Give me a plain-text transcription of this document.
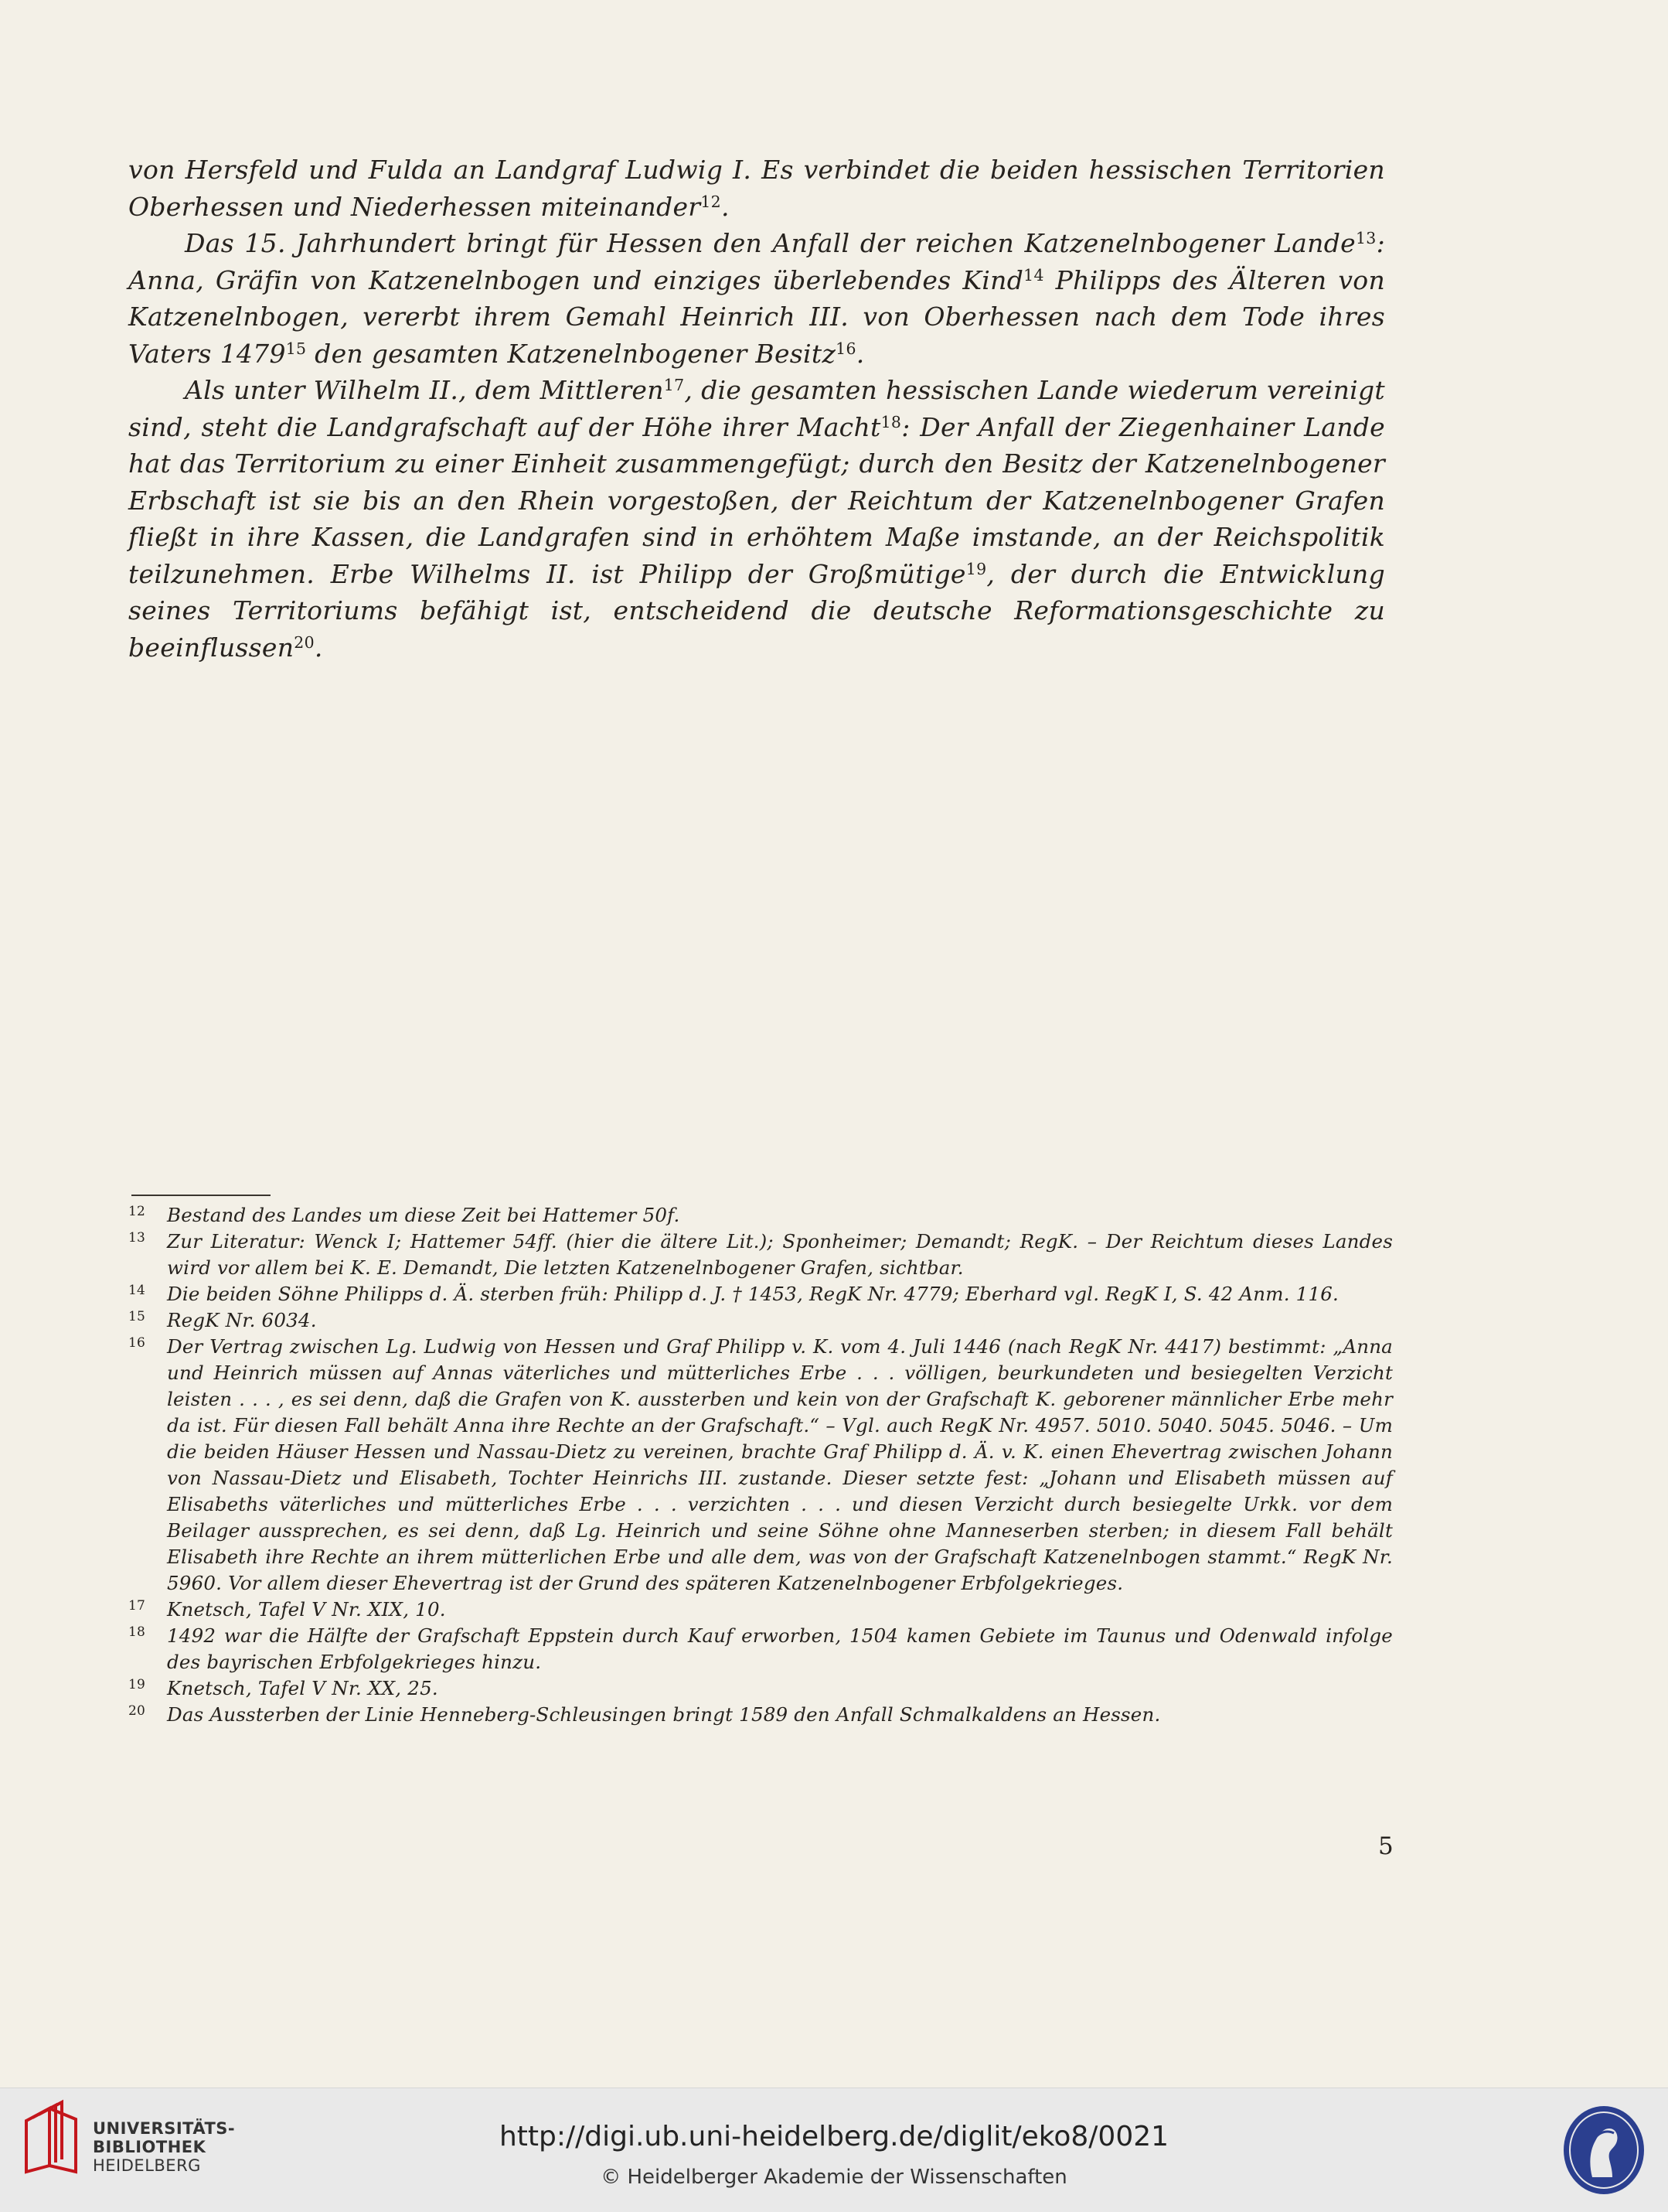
von Hersfeld und Fulda an Landgraf Ludwig I. Es verbindet die beiden hessischen Territorien Oberhessen und Niederhessen miteinander$^{12}$.

Das 15. Jahrhundert bringt für Hessen den Anfall der reichen Katzenelnbogener Lande$^{13}$: Anna, Gräfin von Katzenelnbogen und einziges überlebendes Kind$^{14}$ Philipps des Älteren von Katzenelnbogen, vererbt ihrem Gemahl Heinrich III. von Oberhessen nach dem Tode ihres Vaters 1479$^{15}$ den gesamten Katzenelnbogener Besitz$^{16}$.

Als unter Wilhelm II., dem Mittleren$^{17}$, die gesamten hessischen Lande wiederum vereinigt sind, steht die Landgrafschaft auf der Höhe ihrer Macht$^{18}$: Der Anfall der Ziegenhainer Lande hat das Territorium zu einer Einheit zusammengefügt; durch den Besitz der Katzenelnbogener Erbschaft ist sie bis an den Rhein vorgestoßen, der Reichtum der Katzenelnbogener Grafen fließt in ihre Kassen, die Landgrafen sind in erhöhtem Maße imstande, an der Reichspolitik teilzunehmen. Erbe Wilhelms II. ist Philipp der Großmütige$^{19}$, der durch die Entwicklung seines Territoriums befähigt ist, entscheidend die deutsche Reformationsgeschichte zu beeinflussen$^{20}$.

12 Bestand des Landes um diese Zeit bei Hattemer 50f.
13 Zur Literatur: Wenck I; Hattemer 54ff. (hier die ältere Lit.); Sponheimer; Demandt; RegK. – Der Reichtum dieses Landes wird vor allem bei K. E. Demandt, Die letzten Katzenelnbogener Grafen, sichtbar.
14 Die beiden Söhne Philipps d. Ä. sterben früh: Philipp d. J. † 1453, RegK Nr. 4779; Eberhard vgl. RegK I, S. 42 Anm. 116.
15 RegK Nr. 6034.
16 Der Vertrag zwischen Lg. Ludwig von Hessen und Graf Philipp v. K. vom 4. Juli 1446 (nach RegK Nr. 4417) bestimmt: „Anna und Heinrich müssen auf Annas väterliches und mütterliches Erbe . . . völligen, beurkundeten und besiegelten Verzicht leisten . . . , es sei denn, daß die Grafen von K. aussterben und kein von der Grafschaft K. geborener männlicher Erbe mehr da ist. Für diesen Fall behält Anna ihre Rechte an der Grafschaft.“ – Vgl. auch RegK Nr. 4957. 5010. 5040. 5045. 5046. – Um die beiden Häuser Hessen und Nassau-Dietz zu vereinen, brachte Graf Philipp d. Ä. v. K. einen Ehevertrag zwischen Johann von Nassau-Dietz und Elisabeth, Tochter Heinrichs III. zustande. Dieser setzte fest: „Johann und Elisabeth müssen auf Elisabeths väterliches und mütterliches Erbe . . . verzichten . . . und diesen Verzicht durch besiegelte Urkk. vor dem Beilager aussprechen, es sei denn, daß Lg. Heinrich und seine Söhne ohne Manneserben sterben; in diesem Fall behält Elisabeth ihre Rechte an ihrem mütterlichen Erbe und alle dem, was von der Grafschaft Katzenelnbogen stammt.“ RegK Nr. 5960. Vor allem dieser Ehevertrag ist der Grund des späteren Katzenelnbogener Erbfolgekrieges.
17 Knetsch, Tafel V Nr. XIX, 10.
18 1492 war die Hälfte der Grafschaft Eppstein durch Kauf erworben, 1504 kamen Gebiete im Taunus und Odenwald infolge des bayrischen Erbfolgekrieges hinzu.
19 Knetsch, Tafel V Nr. XX, 25.
20 Das Aussterben der Linie Henneberg-Schleusingen bringt 1589 den Anfall Schmalkaldens an Hessen.
5
UNIVERSITÄTS-
BIBLIOTHEK
HEIDELBERG
http://digi.ub.uni-heidelberg.de/diglit/eko8/0021
© Heidelberger Akademie der Wissenschaften
